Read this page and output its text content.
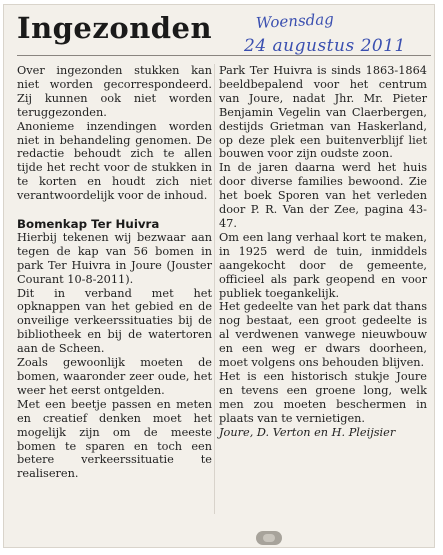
Ingezonden	Woensdag
24 augustus 2011

Over ingezonden stukken kan niet worden gecorrespondeerd. Zij kunnen ook niet worden teruggezonden.

Anonieme inzendingen worden niet in behandeling genomen. De redactie behoudt zich te allen tijde het recht voor de stukken in te korten en houdt zich niet verantwoordelijk voor de inhoud.

Bomenkap Ter Huivra

Hierbij tekenen wij bezwaar aan tegen de kap van 56 bomen in park Ter Huivra in Joure (Jouster Courant 10-8-2011).

Dit in verband met het opknappen van het gebied en de onveilige verkeerssituaties bij de bibliotheek en bij de watertoren aan de Scheen.

Zoals gewoonlijk moeten de bomen, waaronder zeer oude, het weer het eerst ontgelden.

Met een beetje passen en meten en creatief denken moet het mogelijk zijn om de meeste bomen te sparen en toch een betere verkeerssituatie te realiseren.

Park Ter Huivra is sinds 1863-1864 beeldbepalend voor het centrum van Joure, nadat Jhr. Mr. Pieter Benjamin Vegelin van Claerbergen, destijds Grietman van Haskerland, op deze plek een buitenverblijf liet bouwen voor zijn oudste zoon.

In de jaren daarna werd het huis door diverse families bewoond. Zie het boek Sporen van het verleden door P. R. Van der Zee, pagina 43-47.

Om een lang verhaal kort te maken, in 1925 werd de tuin, inmiddels aangekocht door de gemeente, officieel als park geopend en voor publiek toegankelijk.

Het gedeelte van het park dat thans nog bestaat, een groot gedeelte is al verdwenen vanwege nieuwbouw en een weg er dwars doorheen, moet volgens ons behouden blijven.

Het is een historisch stukje Joure en tevens een groene long, welk men zou moeten beschermen in plaats van te vernietigen.

Joure, D. Verton en H. Pleijsier
